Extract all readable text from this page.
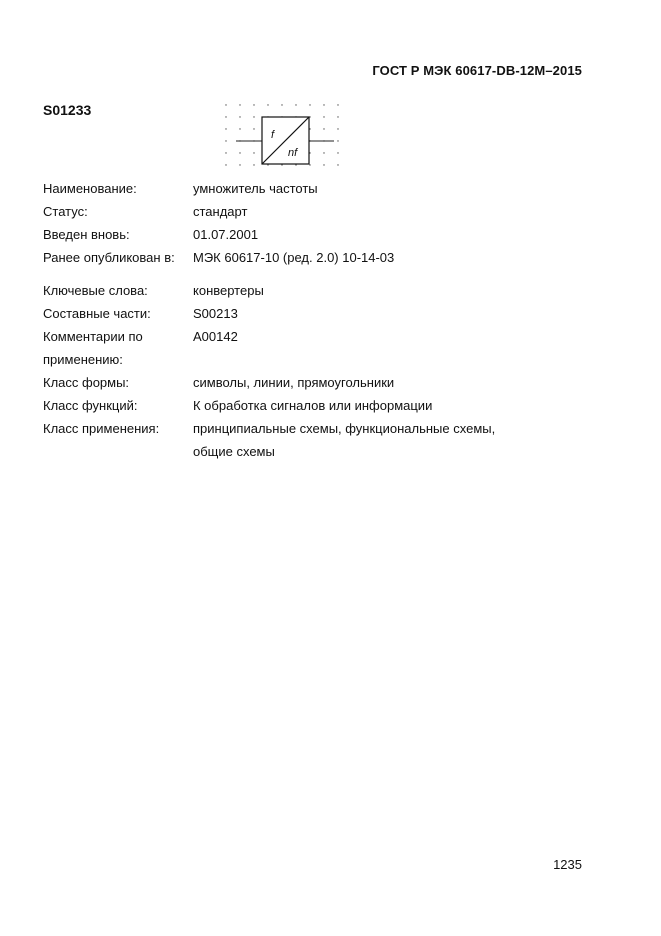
ГОСТ Р МЭК 60617-DB-12M–2015
S01233
f
nf
Наименование:	умножитель частоты
Статус:	стандарт
Введен вновь:	01.07.2001
Ранее опубликован в:	МЭК 60617-10 (ред. 2.0) 10-14-03
Ключевые слова:	конвертеры
Составные части:	S00213
Комментарии по	A00142
применению:
Класс формы:	символы, линии, прямоугольники
Класс функций:	К обработка сигналов или информации
Класс применения:	принципиальные схемы, функциональные схемы,
общие схемы
1235
